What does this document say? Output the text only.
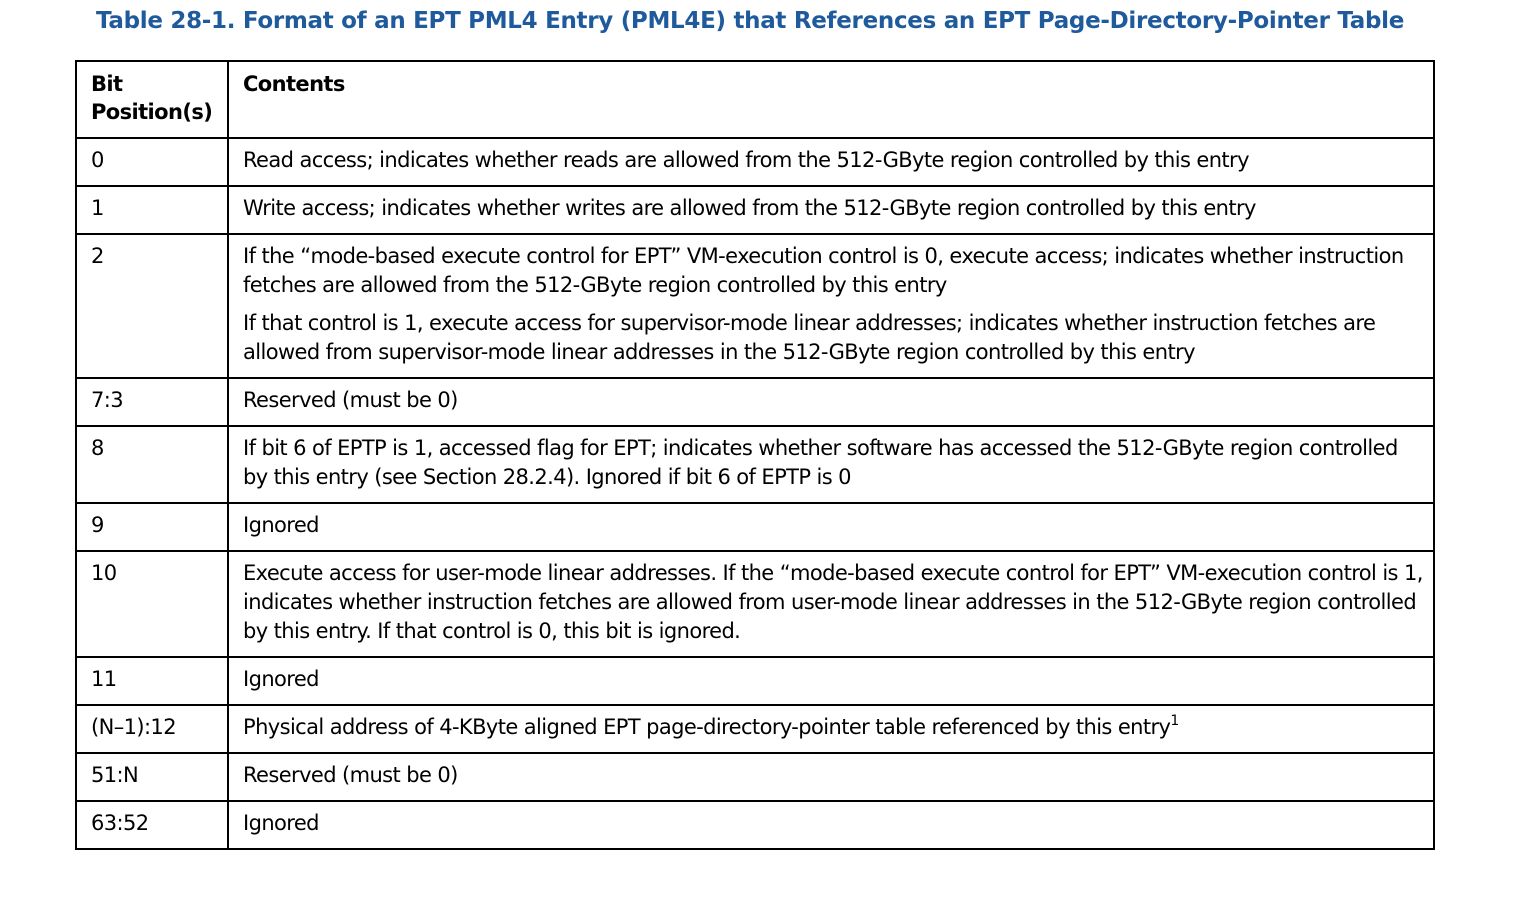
Table 28-1. Format of an EPT PML4 Entry (PML4E) that References an EPT Page-Directory-Pointer Table
Bit
Position(s)	Contents
0	Read access; indicates whether reads are allowed from the 512-GByte region controlled by this entry

1	Write access; indicates whether writes are allowed from the 512-GByte region controlled by this entry

2	If the “mode-based execute control for EPT” VM-execution control is 0, execute access; indicates whether instruction fetches are allowed from the 512-GByte region controlled by this entry
If that control is 1, execute access for supervisor-mode linear addresses; indicates whether instruction fetches are allowed from supervisor-mode linear addresses in the 512-GByte region controlled by this entry

7:3	Reserved (must be 0)

8	If bit 6 of EPTP is 1, accessed flag for EPT; indicates whether software has accessed the 512-GByte region controlled by this entry (see Section 28.2.4). Ignored if bit 6 of EPTP is 0

9	Ignored

10	Execute access for user-mode linear addresses. If the “mode-based execute control for EPT” VM-execution control is 1, indicates whether instruction fetches are allowed from user-mode linear addresses in the 512-GByte region controlled by this entry. If that control is 0, this bit is ignored.

11	Ignored

(N–1):12	Physical address of 4-KByte aligned EPT page-directory-pointer table referenced by this entry$^1$

51:N	Reserved (must be 0)

63:52	Ignored
